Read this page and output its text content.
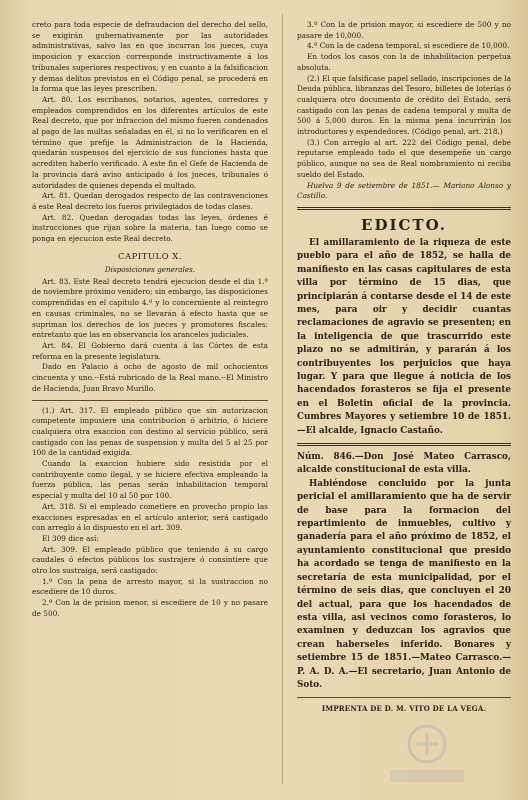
creto para toda especie de defraudacion del derecho del sello, se exigirán gubernativamente por las autoridades administrativas, salvo las en que incurran los jueces, cuya imposicion y exaccion corresponde instructivamente á los tribunales superiores respectivos; y en cuanto á la falsificacion y demas delitos previstos en el Código penal, se procederá en la forma que las leyes prescriben.

Art. 80. Los escribanos, notarios, agentes, corredores y empleados comprendidos en los diferentes artículos de este Real decreto, que por infraccion del mismo fueren condenados al pago de las multas señaladas en él, si no lo verificaren en el término que prefije la Administracion de la Hacienda, quedarán suspensos del ejercicio de sus funciones hasta que acrediten haberlo verificado. A este fin el Gefe de Hacienda de la provincia dará aviso anticipado á los jueces, tribunales ó autoridades de quienes dependa el multado.

Art. 81. Quedan derogados respecto de las contravenciones á este Real decreto los fueros privilegiados de todas clases.

Art. 82. Quedan derogadas todas las leyes, órdenes é instrucciones que rijan sobre la materia, tan luego como se ponga en ejecucion este Real decreto.

CAPITULO X.
Disposiciones generales.

Art. 83. Este Real decreto tendrá ejecucion desde el dia 1.º de noviembre próximo venidero; sin embargo, las disposiciones comprendidas en el capítulo 4.º y lo concerniente al reintegro en causas criminales, no se llevarán á efecto hasta que se supriman los derechos de los jueces y promotores fiscales: entretanto que las en observancia los aranceles judiciales.

Art. 84. El Gobierno dará cuenta á las Córtes de esta reforma en la presente legislatura.

Dado en Palacio á ocho de agosto de mil ochocientos cincuenta y uno.--Está rubricado de la Real mano.--El Ministro de Hacienda, Juan Bravo Murillo.

(1.) Art. 317. El empleado público que sin autorizacion competente impusiere una contribucion ó arbitrio, ó hiciere cualquiera otra exaccion con destino al servicio público, será castigado con las penas de suspension y multa del 5 al 25 por 100 de la cantidad exigida.

Cuando la exaccion hubiere sido resistida por el contribuyente como ilegal, y se hiciere efectiva empleando la fuerza pública, las penas serán inhabilitacion temporal especial y multa del 10 al 50 por 100.

Art. 318. Si el empleado cometiere en provecho propio las exacciones espresadas en el artículo anterior, será castigado con arreglo á lo dispuesto en el art. 309.

El 309 dice así:

Art. 309. El empleado público que teniendo á su cargo caudales ó efectos públicos los sustrajere ó consintiere que otro los sustraiga, será castigado:

1.º Con la pena de arresto mayor, si la sustraccion no escediere de 10 duros.

2.º Con la de prision menor, si escediere de 10 y no pasare de 500.

3.º Con la de prision mayor, si escediere de 500 y no pasare de 10,000.

4.º Con la de cadena temporal, si escediere de 10,000.

En todos los casos con la de inhabilitacion perpetua absoluta.

(2.) El que falsificase papel sellado, inscripciones de la Deuda pública, libranzas del Tesoro, billetes de loterías ó cualquiera otro documento de crédito del Estado, será castigado con las penas de cadena temporal y multa de 500 á 5,000 duros. En la misma pena incurrirán los introductores y espendedores. (Código penal, art. 218.)

(3.) Con arreglo al art. 222 del Código penal, debe reputarse empleado todo el que desempeñe un cargo público, aunque no sea de Real nombramiento ni reciba sueldo del Estado.

Huelva 9 de setiembre de 1851.— Mariano Alonso y Castillo.

EDICTO.

El amillaramiento de la riqueza de este pueblo para el año de 1852, se halla de manifiesto en las casas capitulares de esta villa por término de 15 dias, que principiarán á contarse desde el 14 de este mes, para oir y decidir cuantas reclamaciones de agravio se presenten; en la inteligencia de que trascurrido este plazo no se admitirán, y pararán á los contribuyentes los perjuicios que haya lugar. Y para que llegue á noticia de los hacendados forasteros se fija el presente en el Boletin oficial de la provincia. Cumbres Mayores y setiembre 10 de 1851.—El alcalde, Ignacio Castaño.

Núm. 846.—Don José Mateo Carrasco, alcalde constitucional de esta villa.

Habiéndose concluido por la junta pericial el amillaramiento que ha de servir de base para la formacion del repartimiento de inmuebles, cultivo y ganadería para el año próximo de 1852, el ayuntamiento constitucional que presido ha acordado se tenga de manifiesto en la secretaría de esta municipalidad, por el término de seis dias, que concluyen el 20 del actual, para que los hacendados de esta villa, asi vecinos como forasteros, lo examinen y deduzcan los agravios que crean haberseles inferido. Bonares y setiembre 15 de 1851.—Mateo Carrasco.—P. A. D. A.—El secretario, Juan Antonio de Soto.

IMPRENTA DE D. M. VITO DE LA VEGA.
